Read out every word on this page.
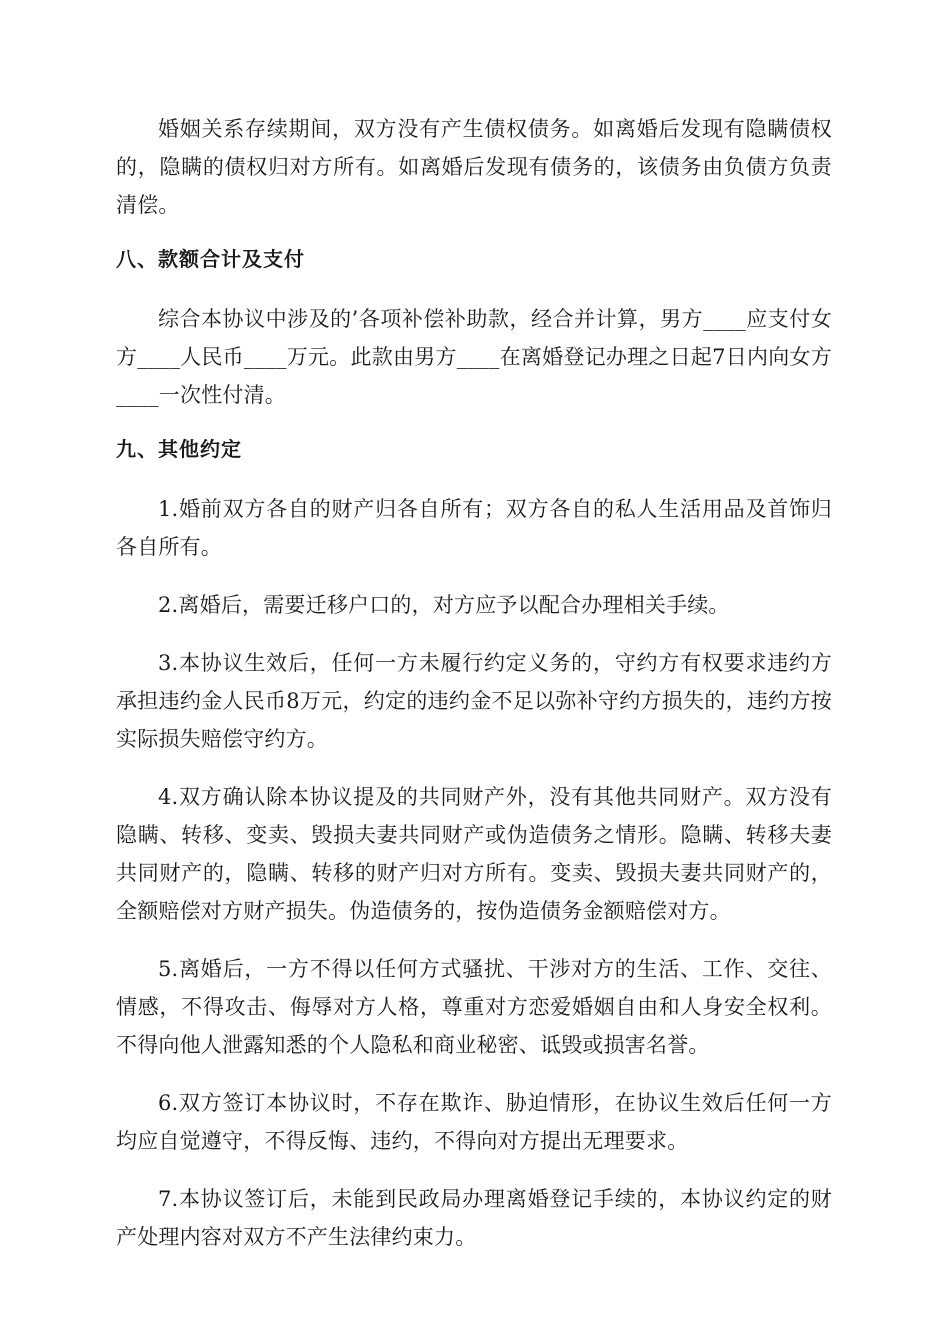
婚姻关系存续期间，双方没有产生债权债务。如离婚后发现有隐瞒债权的，隐瞒的债权归对方所有。如离婚后发现有债务的，该债务由负债方负责清偿。

八、款额合计及支付

综合本协议中涉及的’各项补偿补助款，经合并计算，男方____应支付女方____人民币____万元。此款由男方____在离婚登记办理之日起7日内向女方____一次性付清。

九、其他约定

1.婚前双方各自的财产归各自所有；双方各自的私人生活用品及首饰归各自所有。

2.离婚后，需要迁移户口的，对方应予以配合办理相关手续。

3.本协议生效后，任何一方未履行约定义务的，守约方有权要求违约方承担违约金人民币8万元，约定的违约金不足以弥补守约方损失的，违约方按实际损失赔偿守约方。

4.双方确认除本协议提及的共同财产外，没有其他共同财产。双方没有隐瞒、转移、变卖、毁损夫妻共同财产或伪造债务之情形。隐瞒、转移夫妻共同财产的，隐瞒、转移的财产归对方所有。变卖、毁损夫妻共同财产的，全额赔偿对方财产损失。伪造债务的，按伪造债务金额赔偿对方。

5.离婚后，一方不得以任何方式骚扰、干涉对方的生活、工作、交往、情感，不得攻击、侮辱对方人格，尊重对方恋爱婚姻自由和人身安全权利。不得向他人泄露知悉的个人隐私和商业秘密、诋毁或损害名誉。

6.双方签订本协议时，不存在欺诈、胁迫情形，在协议生效后任何一方均应自觉遵守，不得反悔、违约，不得向对方提出无理要求。

7.本协议签订后，未能到民政局办理离婚登记手续的，本协议约定的财产处理内容对双方不产生法律约束力。
